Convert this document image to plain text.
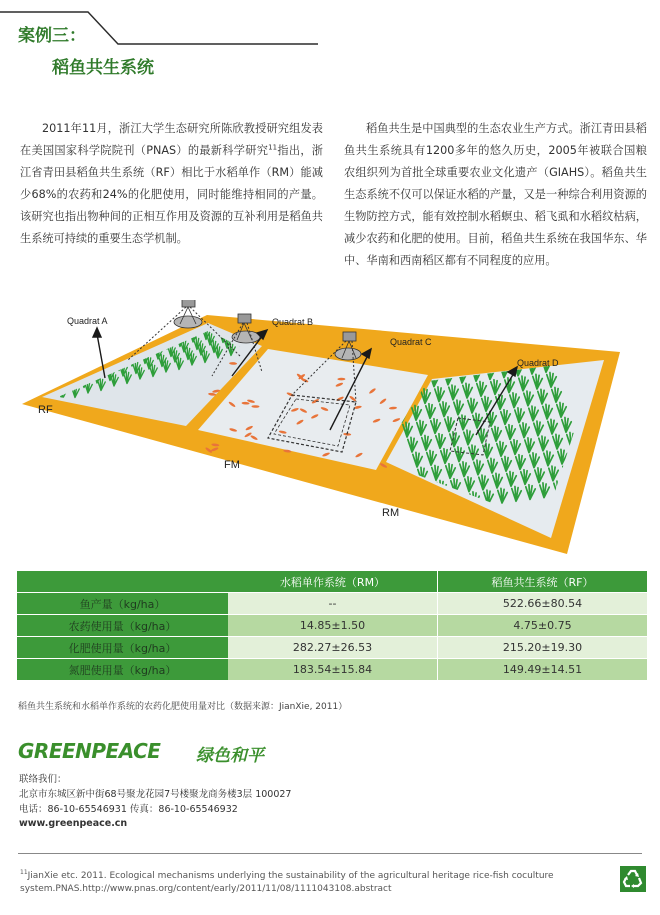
案例三：
稻鱼共生系统
2011年11月，浙江大学生态研究所陈欣教授研究组发表在美国国家科学院院刊（PNAS）的最新科学研究$^{11}$指出，浙江省青田县稻鱼共生系统（RF）相比于水稻单作（RM）能减少68%的农药和24%的化肥使用，同时能维持相同的产量。该研究也指出物种间的正相互作用及资源的互补利用是稻鱼共生系统可持续的重要生态学机制。
稻鱼共生是中国典型的生态农业生产方式。浙江青田县稻鱼共生系统具有1200多年的悠久历史，2005年被联合国粮农组织列为首批全球重要农业文化遗产（GIAHS）。稻鱼共生生态系统不仅可以保证水稻的产量，又是一种综合利用资源的生物防控方式，能有效控制水稻螟虫、稻飞虱和水稻纹枯病，减少农药和化肥的使用。目前，稻鱼共生系统在我国华东、华中、华南和西南稻区都有不同程度的应用。
Quadrat A	Quadrat B
Quadrat C
Quadrat D
RF
FM
RM
	水稻单作系统（RM）	稻鱼共生系统（RF）
鱼产量（kg/ha）	--	522.66±80.54
农药使用量（kg/ha）	14.85±1.50	4.75±0.75
化肥使用量（kg/ha）	282.27±26.53	215.20±19.30
氮肥使用量（kg/ha）	183.54±15.84	149.49±14.51
稻鱼共生系统和水稻单作系统的农药化肥使用量对比（数据来源：JianXie, 2011）
GREENPEACE 绿色和平
联络我们：
北京市东城区新中街68号聚龙花园7号楼聚龙商务楼3层 100027
电话：86-10-65546931 传真：86-10-65546932
www.greenpeace.cn
$^{11}$JianXie etc. 2011. Ecological mechanisms underlying the sustainability of the agricultural heritage rice-fish coculture system.PNAS.http://www.pnas.org/content/early/2011/11/08/1111043108.abstract
